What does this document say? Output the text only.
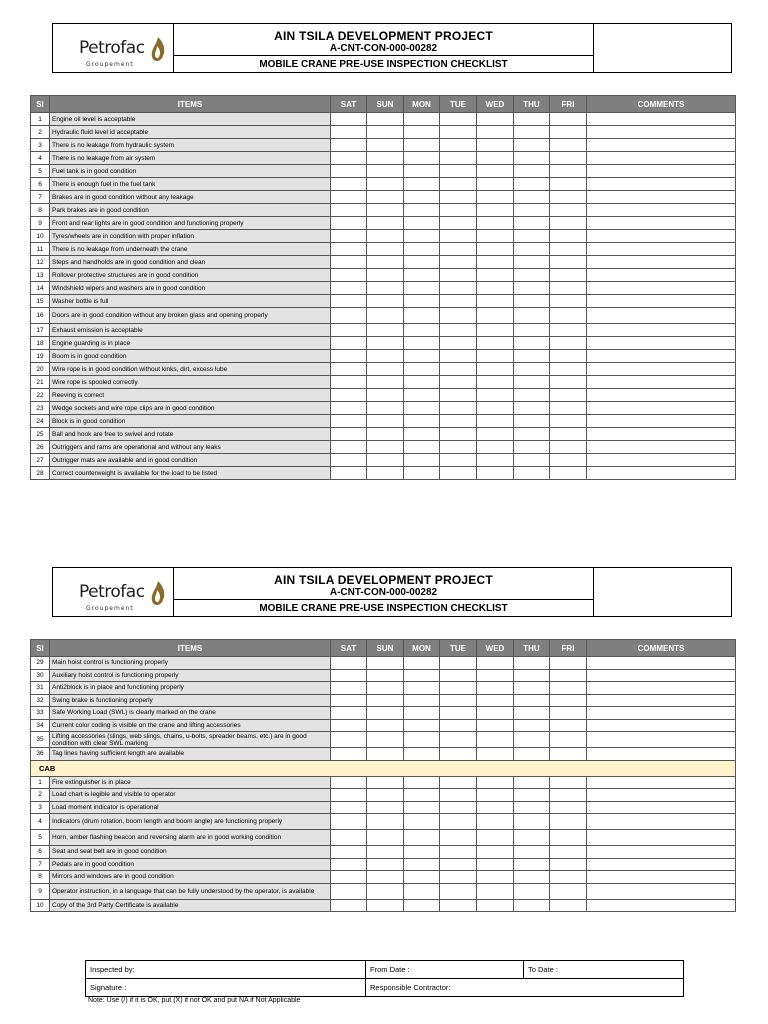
Petrofac
Groupement
AIN TSILA DEVELOPMENT PROJECT
A-CNT-CON-000-00282
MOBILE CRANE PRE-USE INSPECTION CHECKLIST
Sl	ITEMS	SAT	SUN	MON	TUE	WED	THU	FRI	COMMENTS
1	Engine oil level is acceptable								
2	Hydraulic fluid level id acceptable								
3	There is no leakage from hydraulic system								
4	There is no leakage from air system								
5	Fuel tank is in good condition								
6	There is enough fuel in the fuel tank								
7	Brakes are in good condition without any leakage								
8	Park brakes are in good condition								
9	Front and rear lights are in good condition and functioning properly								
10	Tyres/wheels are in condition with proper inflation								
11	There is no leakage from underneath the crane								
12	Steps and handholds are in good condition and clean								
13	Rollover protective structures are in good condition								
14	Windshield wipers and washers are in good condition								
15	Washer bottle is full								
16	Doors are in good condition without any broken glass and opening properly								
17	Exhaust emission is acceptable								
18	Engine guarding is in place								
19	Boom is in good condition								
20	Wire rope is in good condition without kinks, dirt, excess lube								
21	Wire rope is spooled correctly								
22	Reeving is correct								
23	Wedge sockets and wire rope clips are in good condition								
24	Block is in good condition								
25	Ball and hook are free to swivel and rotate								
26	Outriggers and rams are operational and without any leaks								
27	Outrigger mats are available and in good condition								
28	Correct counterweight is available for the load to be listed								
Petrofac
Groupement
AIN TSILA DEVELOPMENT PROJECT
A-CNT-CON-000-00282
MOBILE CRANE PRE-USE INSPECTION CHECKLIST
Sl	ITEMS	SAT	SUN	MON	TUE	WED	THU	FRI	COMMENTS
29	Main hoist control is functioning properly								
30	Auxiliary hoist control is functioning properly								
31	Anti2block is in place and functioning properly								
32	Swing brake is functioning properly								
33	Safe Working Load (SWL) is clearly marked on the crane								
34	Current color coding is visible on the crane and lifting accessories								
35	Lifting accessories (slings, web slings, chains, u-bolts, spreader beams, etc.) are in good condition with clear SWL marking								
36	Tag lines having sufficient length are available								
CAB									
1	Fire extinguisher is in place								
2	Load chart is legible and visible to operator								
3	Load moment indicator is operational								
4	Indicators (drum rotation, boom length and boom angle) are functioning properly								
5	Horn, amber flashing beacon and reversing alarm are in good working condition								
6	Seat and seat belt are in good condition								
7	Pedals are in good condition								
8	Mirrors and windows are in good condition								
9	Operator instruction, in a language that can be fully understood by the operator, is available								
10	Copy of the 3rd Party Certificate is available								
Inspected by:	From Date :	To Date :
Signature :	Responsible Contractor:	
Note: Use (/) if it is OK, put (X) if not OK and put NA if Not Applicable
